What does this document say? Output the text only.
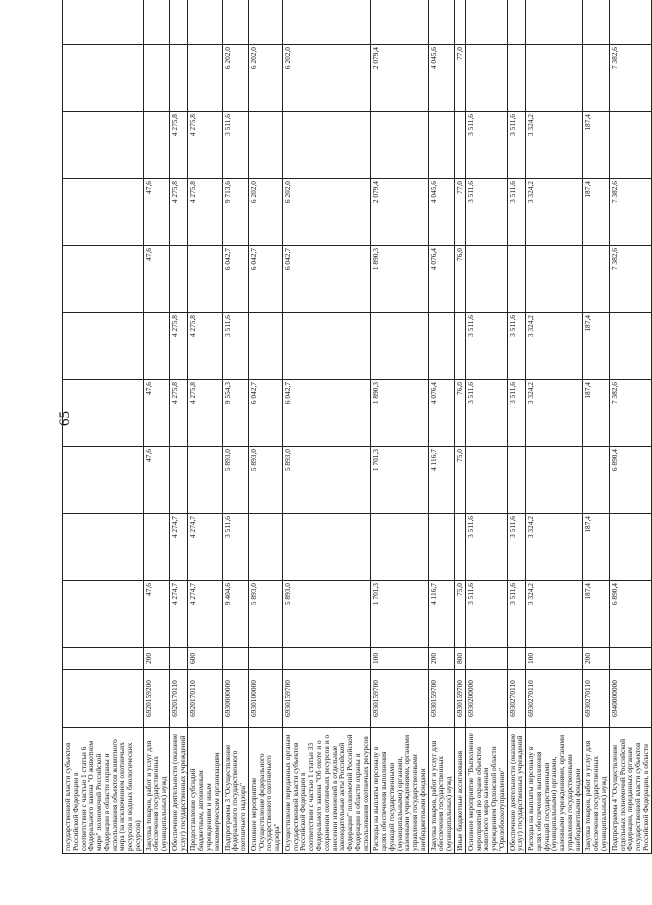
65
государственной власти субъектов Российской Федерации в соответствии с частью 1 статьи 6 Федерального закона "О животном мире" полномочий Российской Федерации в области охраны и использования объектов животного мира (за исключением охотничьих ресурсов и водных биологических ресурсов)													
Закупка товаров, работ и услуг для обеспечения государственных (муниципальных) нужд	6920159200	200	47,6		47,6	47,6		47,6	47,6				
Обеспечение деятельности (оказание услуг) государственных учреждений	6920170110		4 274,7	4 274,7		4 275,8	4 275,8		4 275,8	4 275,8			
Предоставление субсидий бюджетным, автономным учреждениям и иным некоммерческим организациям	6920170110	600	4 274,7	4 274,7		4 275,8	4 275,8		4 275,8	4 275,8			
Подпрограмма 3 "Осуществление федерального государственного охотничьего надзора"	6930000000		9 404,6	3 511,6	5 893,0	9 554,3	3 511,6	6 042,7	9 713,6	3 511,6	6 202,0		
Основное мероприятие "Осуществление федерального государственного охотничьего надзора"	6930100000		5 893,0		5 893,0	6 042,7		6 042,7	6 202,0		6 202,0		
Осуществление переданных органам государственной власти субъектов Российской Федерации в соответствии с частью 1 статьи 33 Федерального закона "Об охоте и о сохранении охотничьих ресурсов и о внесении изменений в отдельные законодательные акты Российской Федерации" полномочий Российской Федерации в области охраны и использования охотничьих ресурсов	6930159700		5 893,0		5 893,0	6 042,7		6 042,7	6 202,0		6 202,0		
Расходы на выплаты персоналу в целях обеспечения выполнения функций государственными (муниципальными) органами, казенными учреждениями, органами управления государственными внебюджетными фондами	6930159700	100	1 701,3		1 701,3	1 890,3		1 890,3	2 079,4		2 079,4		
Закупка товаров, работ и услуг для обеспечения государственных (муниципальных) нужд	6930159700	200	4 116,7		4 116,7	4 076,4		4 076,4	4 045,6		4 045,6		
Иные бюджетные ассигнования	6930159700	800	75,0		75,0	76,0		76,0	77,0		77,0		
Основное мероприятие "Выполнение мероприятий по охране объектов животного мира казенным учреждением Орловской области "Орелобоохотуправление"	6930200000		3 511,6	3 511,6		3 511,6	3 511,6		3 511,6	3 511,6			
Обеспечение деятельности (оказание услуг) государственных учреждений	6930270110		3 511,6	3 511,6		3 511,6	3 511,6		3 511,6	3 511,6			
Расходы на выплаты персоналу в целях обеспечения выполнения функций государственными (муниципальными) органами, казенными учреждениями, органами управления государственными внебюджетными фондами	6930270110	100	3 324,2	3 324,2		3 324,2	3 324,2		3 324,2	3 324,2			
Закупка товаров, работ и услуг для обеспечения государственных (муниципальных) нужд	6930270110	200	187,4	187,4		187,4	187,4		187,4	187,4			
Подпрограмма 4 "Осуществление отдельных полномочий Российской Федерации, переданных органам государственной власти субъектов Российской Федерации, в области	6940000000		6 890,4		6 890,4	7 382,6		7 382,6	7 382,6		7 382,6		
